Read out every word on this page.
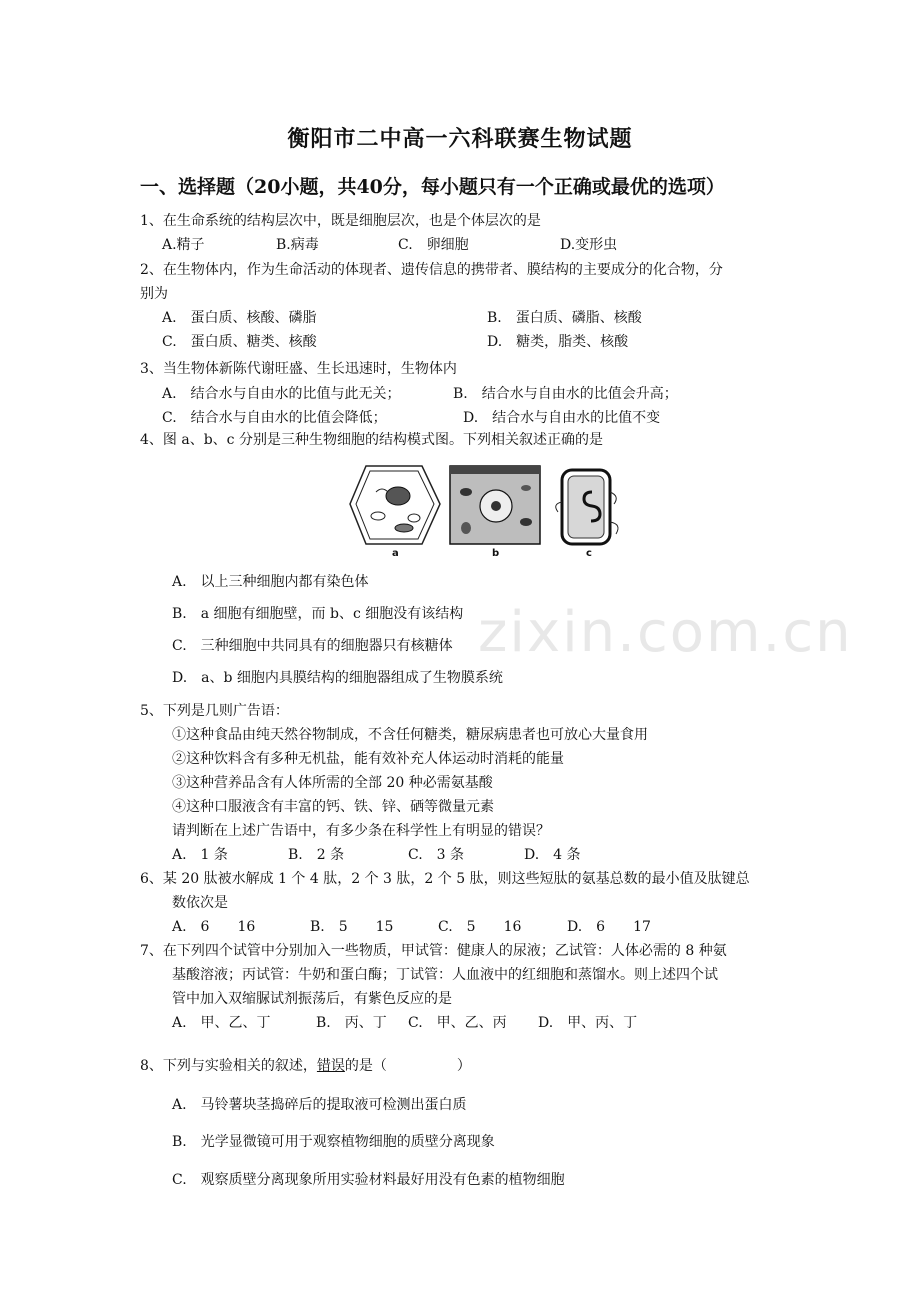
zixin.com.cn
衡阳市二中高一六科联赛生物试题
一、选择题（20小题，共40分，每小题只有一个正确或最优的选项）
1、在生命系统的结构层次中，既是细胞层次，也是个体层次的是
A.精子	B.病毒	C.　卵细胞	D.变形虫
2、在生物体内，作为生命活动的体现者、遗传信息的携带者、膜结构的主要成分的化合物，分
别为
A.　蛋白质、核酸、磷脂	B.　蛋白质、磷脂、核酸
C.　蛋白质、糖类、核酸	D.　糖类，脂类、核酸
3、当生物体新陈代谢旺盛、生长迅速时，生物体内
A.　结合水与自由水的比值与此无关；	B.　结合水与自由水的比值会升高；
C.　结合水与自由水的比值会降低；	D.　结合水与自由水的比值不变
4、图 a、b、c 分别是三种生物细胞的结构模式图。下列相关叙述正确的是
a	b	c
A.　以上三种细胞内都有染色体
B.　a 细胞有细胞壁，而 b、c 细胞没有该结构
C.　三种细胞中共同具有的细胞器只有核糖体
D.　a、b 细胞内具膜结构的细胞器组成了生物膜系统
5、下列是几则广告语：
①这种食品由纯天然谷物制成，不含任何糖类，糖尿病患者也可放心大量食用
②这种饮料含有多种无机盐，能有效补充人体运动时消耗的能量
③这种营养品含有人体所需的全部 20 种必需氨基酸
④这种口服液含有丰富的钙、铁、锌、硒等微量元素
请判断在上述广告语中，有多少条在科学性上有明显的错误？
A.　1 条	B.　2 条	C.　3 条	D.　4 条
6、某 20 肽被水解成 1 个 4 肽，2 个 3 肽，2 个 5 肽，则这些短肽的氨基总数的最小值及肽键总
数依次是
A.　6　　16	B.　5　　15	C.　5　　16	D.　6　　17
7、在下列四个试管中分别加入一些物质，甲试管：健康人的尿液；乙试管：人体必需的 8 种氨
基酸溶液；丙试管：牛奶和蛋白酶；丁试管：人血液中的红细胞和蒸馏水。则上述四个试
管中加入双缩脲试剂振荡后，有紫色反应的是
A.　甲、乙、丁	B.　丙、丁 C.　甲、乙、丙 D.　甲、丙、丁
8、下列与实验相关的叙述，错误的是（　　　　　）
A.　马铃薯块茎捣碎后的提取液可检测出蛋白质
B.　光学显微镜可用于观察植物细胞的质壁分离现象
C.　观察质壁分离现象所用实验材料最好用没有色素的植物细胞
